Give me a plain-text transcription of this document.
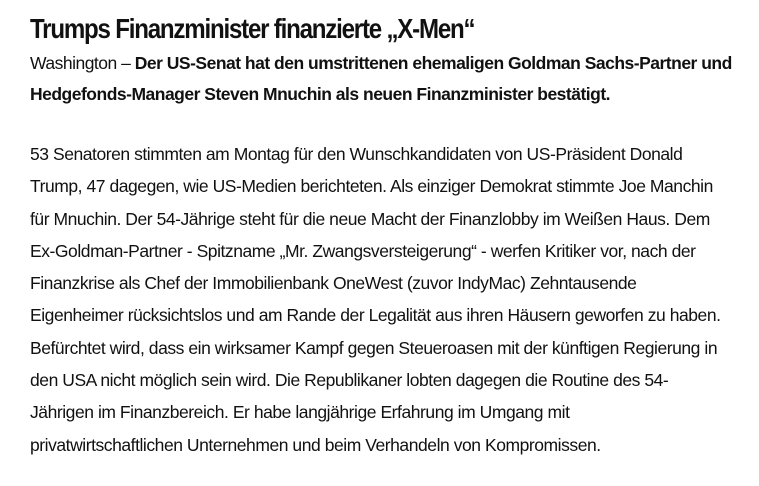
Trumps Finanzminister finanzierte „X-Men“

Washington – Der US-Senat hat den umstrittenen ehemaligen Goldman Sachs-Partner und Hedgefonds-Manager Steven Mnuchin als neuen Finanzminister bestätigt.

53 Senatoren stimmten am Montag für den Wunschkandidaten von US-Präsident Donald
Trump, 47 dagegen, wie US-Medien berichteten. Als einziger Demokrat stimmte Joe Manchin
für Mnuchin. Der 54-Jährige steht für die neue Macht der Finanzlobby im Weißen Haus. Dem
Ex-Goldman-Partner - Spitzname „Mr. Zwangsversteigerung“ - werfen Kritiker vor, nach der
Finanzkrise als Chef der Immobilienbank OneWest (zuvor IndyMac) Zehntausende
Eigenheimer rücksichtslos und am Rande der Legalität aus ihren Häusern geworfen zu haben.
Befürchtet wird, dass ein wirksamer Kampf gegen Steueroasen mit der künftigen Regierung in
den USA nicht möglich sein wird. Die Republikaner lobten dagegen die Routine des 54-
Jährigen im Finanzbereich. Er habe langjährige Erfahrung im Umgang mit
privatwirtschaftlichen Unternehmen und beim Verhandeln von Kompromissen.
